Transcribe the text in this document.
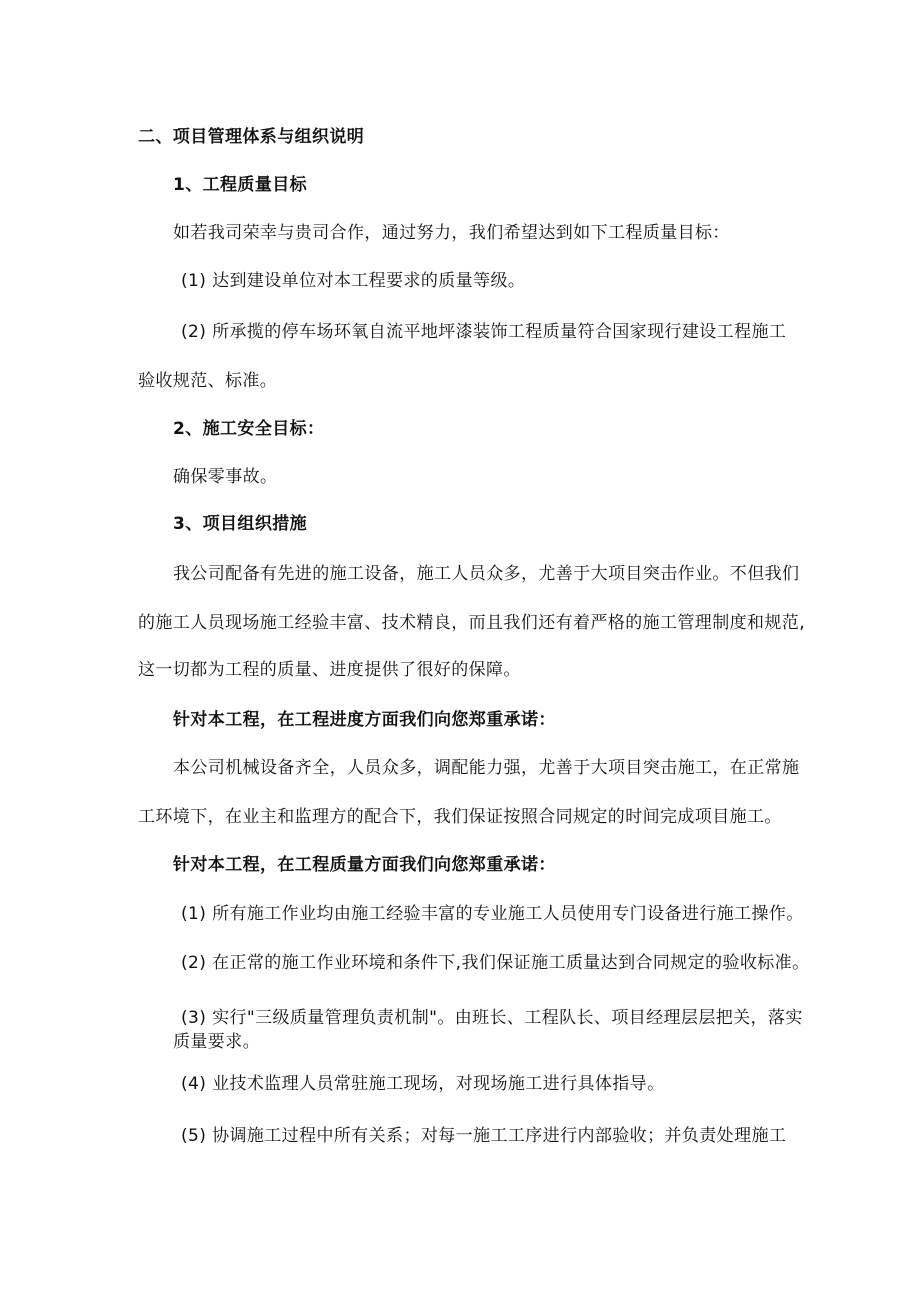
二、项目管理体系与组织说明
1、工程质量目标
如若我司荣幸与贵司合作，通过努力，我们希望达到如下工程质量目标：
(1) 达到建设单位对本工程要求的质量等级。
(2) 所承揽的停车场环氧自流平地坪漆装饰工程质量符合国家现行建设工程施工
验收规范、标准。
2、施工安全目标：
确保零事故。
3、项目组织措施
我公司配备有先进的施工设备，施工人员众多，尤善于大项目突击作业。不但我们
的施工人员现场施工经验丰富、技术精良，而且我们还有着严格的施工管理制度和规范,
这一切都为工程的质量、进度提供了很好的保障。
针对本工程，在工程进度方面我们向您郑重承诺：
本公司机械设备齐全，人员众多，调配能力强，尤善于大项目突击施工，在正常施
工环境下，在业主和监理方的配合下，我们保证按照合同规定的时间完成项目施工。
针对本工程，在工程质量方面我们向您郑重承诺：
(1) 所有施工作业均由施工经验丰富的专业施工人员使用专门设备进行施工操作。
(2) 在正常的施工作业环境和条件下,我们保证施工质量达到合同规定的验收标准。
(3) 实行"三级质量管理负责机制"。由班长、工程队长、项目经理层层把关，落实
质量要求。
(4) 业技术监理人员常驻施工现场，对现场施工进行具体指导。
(5) 协调施工过程中所有关系；对每一施工工序进行内部验收；并负责处理施工
